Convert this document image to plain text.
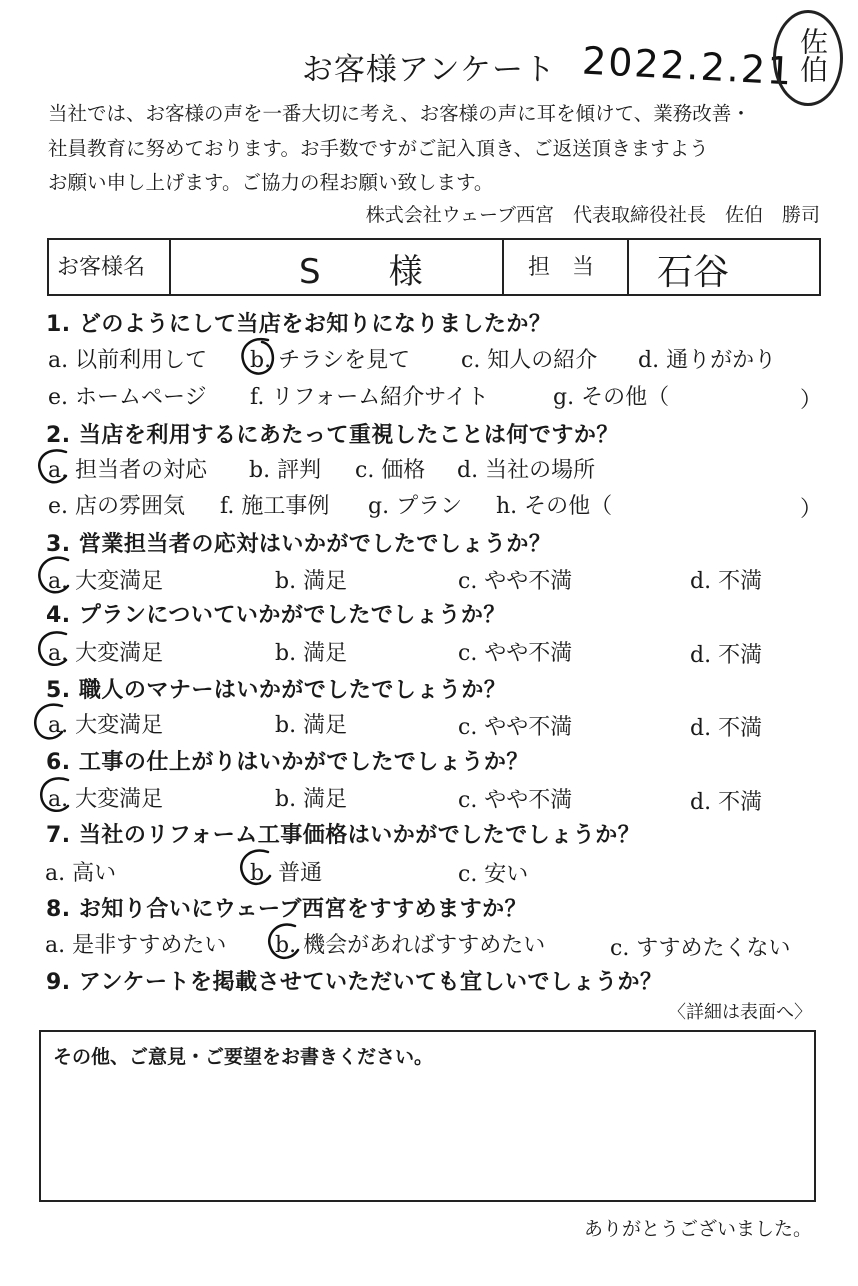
お客様アンケート 2022.2.21 佐伯
当社では、お客様の声を一番大切に考え、お客様の声に耳を傾けて、業務改善・
社員教育に努めております。お手数ですがご記入頂き、ご返送頂きますよう
お願い申し上げます。ご協力の程お願い致します。
株式会社ウェーブ西宮　代表取締役社長　佐伯　勝司
お客様名	S　　様	担　当 石谷
1. どのようにして当店をお知りになりましたか？
a. 以前利用して b. チラシを見て c. 知人の紹介 d. 通りがかり
e. ホームページ f. リフォーム紹介サイト	g. その他（	）
2. 当店を利用するにあたって重視したことは何ですか？
a. 担当者の対応 b. 評判 c. 価格 d. 当社の場所
e. 店の雰囲気 f. 施工事例 g. プラン h. その他（	）
3. 営業担当者の応対はいかがでしたでしょうか？
a. 大変満足	b. 満足	c. やや不満	d. 不満
4. プランについていかがでしたでしょうか？
a. 大変満足	b. 満足	c. やや不満	d. 不満
5. 職人のマナーはいかがでしたでしょうか？
a. 大変満足	b. 満足	c. やや不満	d. 不満
6. 工事の仕上がりはいかがでしたでしょうか？
a. 大変満足	b. 満足	c. やや不満	d. 不満
7. 当社のリフォーム工事価格はいかがでしたでしょうか？
a. 高い	b. 普通	c. 安い
8. お知り合いにウェーブ西宮をすすめますか？
a. 是非すすめたい b. 機会があればすすめたい	c. すすめたくない
9. アンケートを掲載させていただいても宜しいでしょうか？
〈詳細は表面へ〉
その他、ご意見・ご要望をお書きください。
ありがとうございました。
